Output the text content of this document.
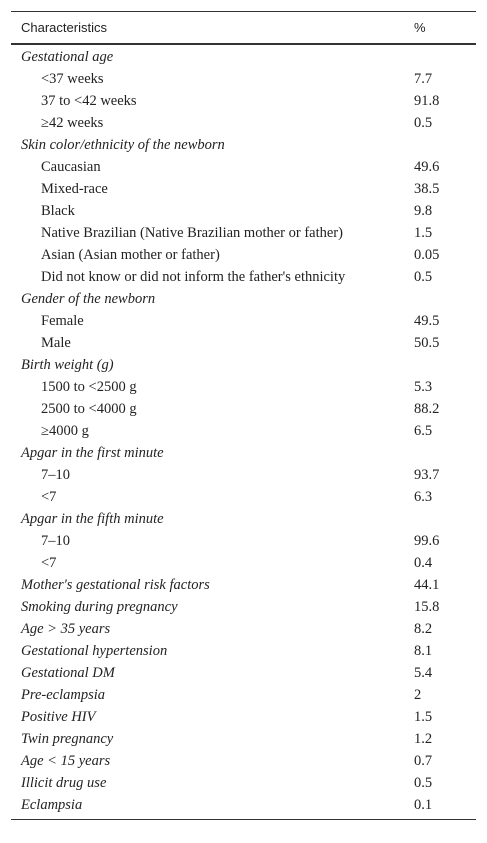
Characteristics	%
Gestational age
<37 weeks	7.7
37 to <42 weeks	91.8
≥42 weeks	0.5
Skin color/ethnicity of the newborn
Caucasian	49.6
Mixed-race	38.5
Black	9.8
Native Brazilian (Native Brazilian mother or father)	1.5
Asian (Asian mother or father)	0.05
Did not know or did not inform the father's ethnicity	0.5
Gender of the newborn
Female	49.5
Male	50.5
Birth weight (g)
1500 to <2500 g	5.3
2500 to <4000 g	88.2
≥4000 g	6.5
Apgar in the first minute
7–10	93.7
<7	6.3
Apgar in the fifth minute
7–10	99.6
<7	0.4
Mother's gestational risk factors	44.1
Smoking during pregnancy	15.8
Age > 35 years	8.2
Gestational hypertension	8.1
Gestational DM	5.4
Pre-eclampsia	2
Positive HIV	1.5
Twin pregnancy	1.2
Age < 15 years	0.7
Illicit drug use	0.5
Eclampsia	0.1
